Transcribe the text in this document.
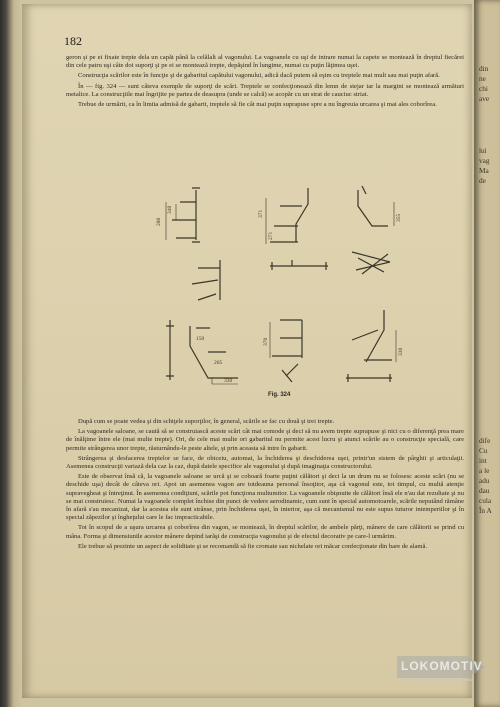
182

geron şi pe ei fixate trepte dela un capăt până la celălalt al vagonului. La vagoanele cu uşi de intrare numai la capete se montează în dreptul fiecărei din cele patru uşi câte doi suporţi şi pe ei se montează trepte, depăşind în lungime, numai cu puţin lăţimea uşei.

Construcţia scărilor este în funcţie şi de gabaritul capătului vagonului, adică dacă putem să eşim cu treptele mai mult sau mai puţin afară.

În — fig. 324 — sunt câteva exemple de suporţi de scări. Treptele se confecţionează din lemn de stejar iar la margini se montează armături metalice. La construcţiile mai îngrijite pe partea de deasupra (unde se calcă) se acopăr cu un strat de cauciuc striat.

Trebue de urmărit, ca în limita admisă de gabarit, treptele să fie cât mai puţin suprapuse spre a nu îngreuia urcarea şi mai ales coborîrea.

280
340	371
271
355
150
205
330
370
330
Fig. 324

După cum se poate vedea şi din schiţele suporţilor, în general, scările se fac cu două şi trei trepte.

La vagoanele saloane, se caută să se construiască aceste scări cât mai comode şi deci să nu avem trepte suprapuse şi nici cu o diferenţă prea mare de înălţime între ele (mai multe trepte). Ori, de cele mai multe ori gabaritul nu permite acest lucru şi atunci scările au o construcţie specială, care permite strângerea unor trepte, răsturnându-le peste altele, şi prin aceasta să intre în gabarit.

Strângerea şi desfacerea treptelor se face, de obiceiu, automat, la închiderea şi deschiderea uşei, printr'un sistem de pârghii şi articulaţii. Asemenea construcţii variază dela caz la caz, după datele specifice ale vagonului şi după imaginaţia constructorului.

Este de observat însă că, la vagoanele saloane se urcă şi se coboară foarte puţini călători şi deci la un drum nu se folosesc aceste scări (nu se deschide uşa) decât de câteva ori. Apoi un asemenea vagon are totdeauna personal însoţitor, aşa că vagonul este, tot timpul, cu multă atenţie supravegheat şi întreţinut. În asemenea condiţiuni, scările pot funcţiona multumitor. La vagoanele obişnuite de călători însă ele n'au dat rezultate şi nu se mai construiesc. Numai la vagoanele complet închise din punct de vedere aerodinamic, cum sunt în special automotoarele, scările neputând rămâne în afară s'au mecanizat, dar la acestea ele sunt strânse, prin închiderea uşei, în interior, aşa că mecanismul nu este supus tuturor intemperiilor şi în special zăpezilor şi îngheţului care le fac impracticabile.

Tot în scopul de a uşura urcarea şi coborîrea din vagon, se montează, în dreptul scărilor, de ambele părţi, mânere de care călătorii se prind cu mâna. Forma şi dimensiunile acestor mânere depind iarăşi de construcţia vagonului şi de efectul decorativ pe care-l urmărim.

Ele trebue să prezinte un aspect de soliditate şi se recomandă să fie cromate sau nichelate ori măcar confecţionate din bare de alamă.

din
ne
chi
ave
lui
vag
Ma
de
dife
Cu
int
a le
adu
dau
cula
În A
LOKOMOTIV
